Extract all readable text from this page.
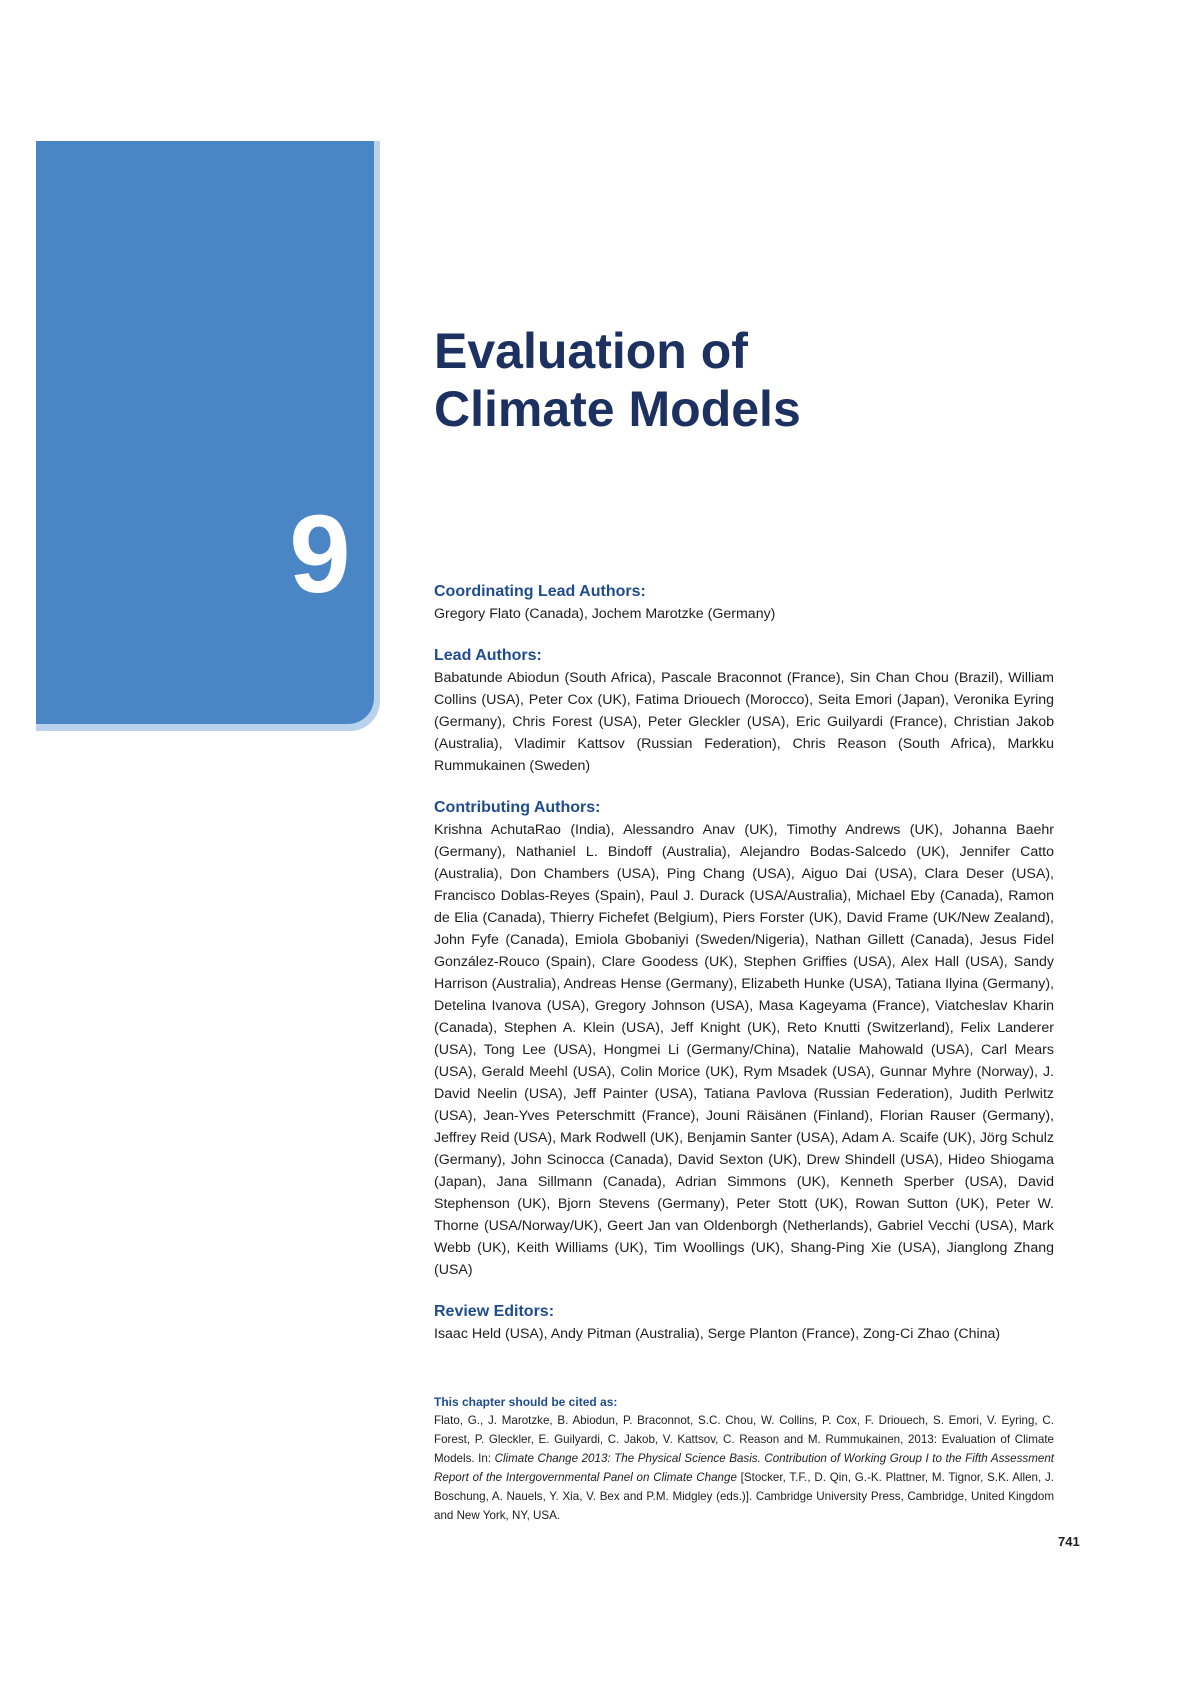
9
Evaluation of
Climate Models

Coordinating Lead Authors:

Gregory Flato (Canada), Jochem Marotzke (Germany)

Lead Authors:

Babatunde Abiodun (South Africa), Pascale Braconnot (France), Sin Chan Chou (Brazil), William Collins (USA), Peter Cox (UK), Fatima Driouech (Morocco), Seita Emori (Japan), Veronika Eyring (Germany), Chris Forest (USA), Peter Gleckler (USA), Eric Guilyardi (France), Christian Jakob (Australia), Vladimir Kattsov (Russian Federation), Chris Reason (South Africa), Markku Rummukainen (Sweden)

Contributing Authors:

Krishna AchutaRao (India), Alessandro Anav (UK), Timothy Andrews (UK), Johanna Baehr (Germany), Nathaniel L. Bindoff (Australia), Alejandro Bodas-Salcedo (UK), Jennifer Catto (Australia), Don Chambers (USA), Ping Chang (USA), Aiguo Dai (USA), Clara Deser (USA), Francisco Doblas-Reyes (Spain), Paul J. Durack (USA/Australia), Michael Eby (Canada), Ramon de Elia (Canada), Thierry Fichefet (Belgium), Piers Forster (UK), David Frame (UK/New Zealand), John Fyfe (Canada), Emiola Gbobaniyi (Sweden/Nigeria), Nathan Gillett (Canada), Jesus Fidel González-Rouco (Spain), Clare Goodess (UK), Stephen Griffies (USA), Alex Hall (USA), Sandy Harrison (Australia), Andreas Hense (Germany), Elizabeth Hunke (USA), Tatiana Ilyina (Germany), Detelina Ivanova (USA), Gregory Johnson (USA), Masa Kageyama (France), Viatcheslav Kharin (Canada), Stephen A. Klein (USA), Jeff Knight (UK), Reto Knutti (Switzerland), Felix Landerer (USA), Tong Lee (USA), Hongmei Li (Germany/China), Natalie Mahowald (USA), Carl Mears (USA), Gerald Meehl (USA), Colin Morice (UK), Rym Msadek (USA), Gunnar Myhre (Norway), J. David Neelin (USA), Jeff Painter (USA), Tatiana Pavlova (Russian Federation), Judith Perlwitz (USA), Jean-Yves Peterschmitt (France), Jouni Räisänen (Finland), Florian Rauser (Germany), Jeffrey Reid (USA), Mark Rodwell (UK), Benjamin Santer (USA), Adam A. Scaife (UK), Jörg Schulz (Germany), John Scinocca (Canada), David Sexton (UK), Drew Shindell (USA), Hideo Shiogama (Japan), Jana Sillmann (Canada), Adrian Simmons (UK), Kenneth Sperber (USA), David Stephenson (UK), Bjorn Stevens (Germany), Peter Stott (UK), Rowan Sutton (UK), Peter W. Thorne (USA/Norway/UK), Geert Jan van Oldenborgh (Netherlands), Gabriel Vecchi (USA), Mark Webb (UK), Keith Williams (UK), Tim Woollings (UK), Shang-Ping Xie (USA), Jianglong Zhang (USA)

Review Editors:

Isaac Held (USA), Andy Pitman (Australia), Serge Planton (France), Zong-Ci Zhao (China)

This chapter should be cited as:

Flato, G., J. Marotzke, B. Abiodun, P. Braconnot, S.C. Chou, W. Collins, P. Cox, F. Driouech, S. Emori, V. Eyring, C. Forest, P. Gleckler, E. Guilyardi, C. Jakob, V. Kattsov, C. Reason and M. Rummukainen, 2013: Evaluation of Climate Models. In: Climate Change 2013: The Physical Science Basis. Contribution of Working Group I to the Fifth Assessment Report of the Intergovernmental Panel on Climate Change [Stocker, T.F., D. Qin, G.-K. Plattner, M. Tignor, S.K. Allen, J. Boschung, A. Nauels, Y. Xia, V. Bex and P.M. Midgley (eds.)]. Cambridge University Press, Cambridge, United Kingdom and New York, NY, USA.

741
